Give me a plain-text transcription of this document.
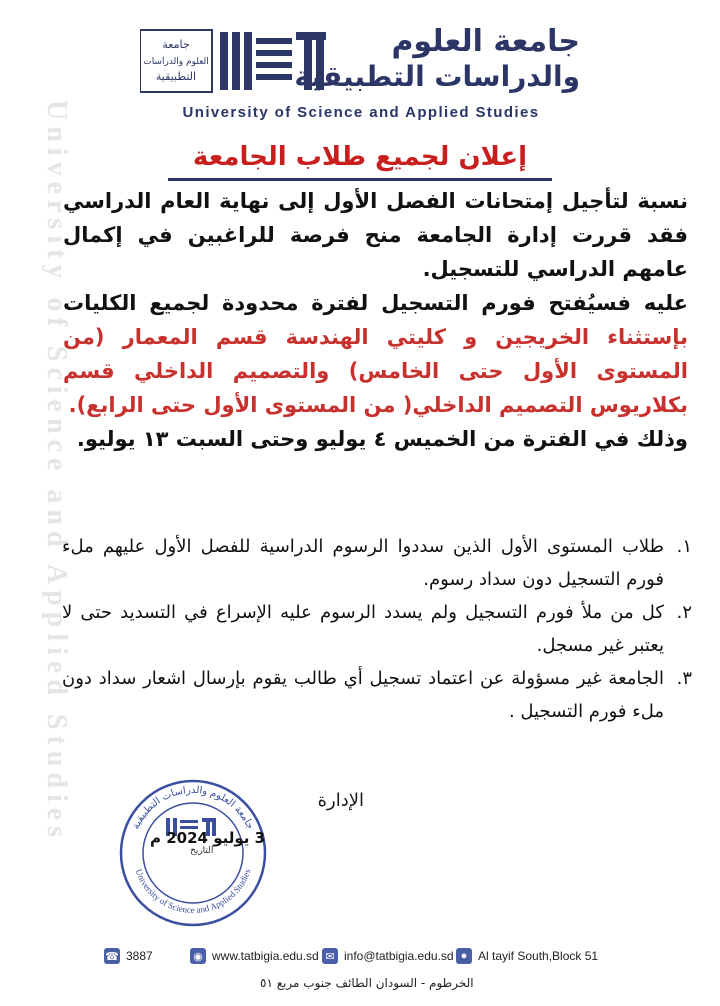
جامعة
العلوم والدراسات
التطبيقية
جامعة العلوم
والدراسات التطبيقية
University of Science and Applied Studies
University of Science and Applied Studies	إعلان لجميع طلاب الجامعة

نسبة لتأجيل إمتحانات الفصل الأول إلى نهاية العام الدراسي فقد قررت إدارة الجامعة منح فرصة للراغبين في إكمال عامهم الدراسي للتسجيل.

عليه فسيُفتح فورم التسجيل لفترة محدودة لجميع الكليات بإستثناء الخريجين و كليتي الهندسة قسم المعمار (من المستوى الأول حتى الخامس) والتصميم الداخلي قسم بكلاريوس التصميم الداخلي( من المستوى الأول حتى الرابع).

وذلك في الفترة من الخميس ٤ يوليو وحتى السبت ١٣ يوليو.

١.
طلاب المستوى الأول الذين سددوا الرسوم الدراسية للفصل الأول عليهم ملء فورم التسجيل دون سداد رسوم.
٢.
كل من ملأ فورم التسجيل ولم يسدد الرسوم عليه الإسراع في التسديد حتى لا يعتبر غير مسجل.
٣.
الجامعة غير مسؤولة عن اعتماد تسجيل أي طالب يقوم بإرسال اشعار سداد دون ملء فورم التسجيل .
الإدارة
جامعة العلوم والدراسات التطبيقية
University of Science and Applied Studies
3 يوليو 2024 م
التاريخ
☎ 3887	◉ www.tatbigia.edu.sd ✉ info@tatbigia.edu.sd ● Al tayif South,Block 51
الخرطوم - السودان الطائف جنوب مربع ٥١
